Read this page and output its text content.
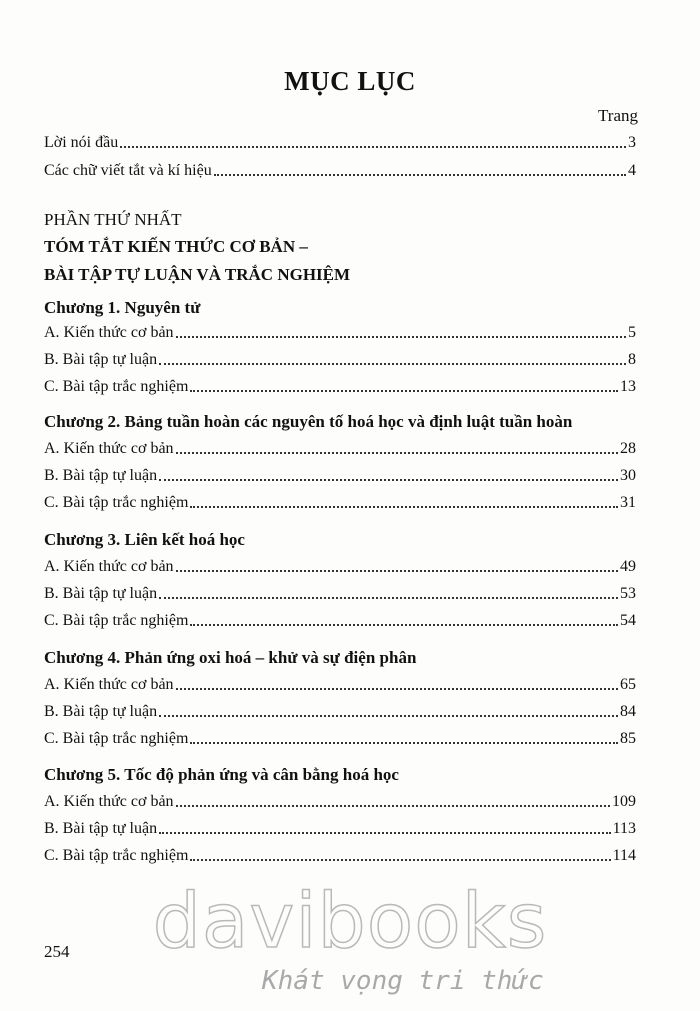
MỤC LỤC
Trang
Lời nói đầu	3
Các chữ viết tắt và kí hiệu	4
PHẦN THỨ NHẤT
TÓM TẮT KIẾN THỨC CƠ BẢN –
BÀI TẬP TỰ LUẬN VÀ TRẮC NGHIỆM
Chương 1. Nguyên tử
A. Kiến thức cơ bản	5
B. Bài tập tự luận	8
C. Bài tập trắc nghiệm	13
Chương 2. Bảng tuần hoàn các nguyên tố hoá học và định luật tuần hoàn
A. Kiến thức cơ bản	28
B. Bài tập tự luận	30
C. Bài tập trắc nghiệm	31
Chương 3. Liên kết hoá học
A. Kiến thức cơ bản	49
B. Bài tập tự luận	53
C. Bài tập trắc nghiệm	54
Chương 4. Phản ứng oxi hoá – khử và sự điện phân
A. Kiến thức cơ bản	65
B. Bài tập tự luận	84
C. Bài tập trắc nghiệm	85
Chương 5. Tốc độ phản ứng và cân bằng hoá học
A. Kiến thức cơ bản	109
B. Bài tập tự luận	113
C. Bài tập trắc nghiệm	114
davibooks
Khát vọng tri thức
254
